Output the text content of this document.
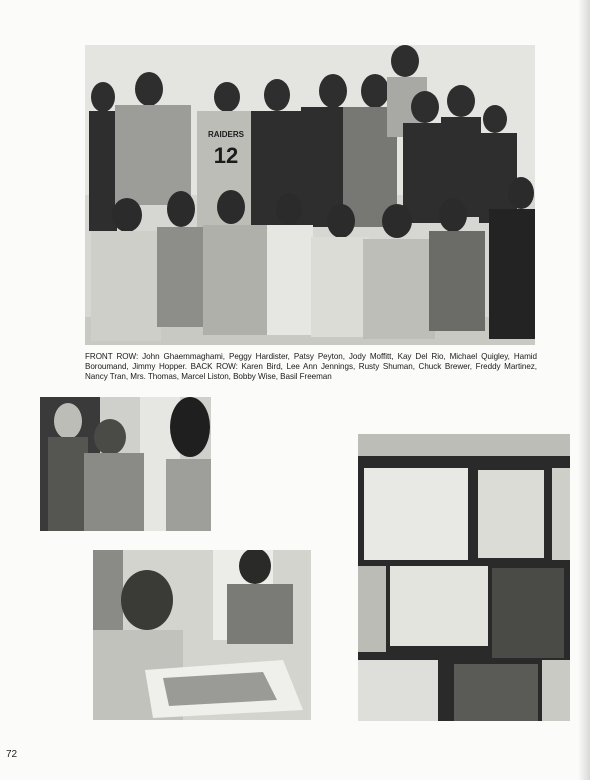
RAIDERS
12
FRONT ROW: John Ghaemmaghami, Peggy Hardister, Patsy Peyton, Jody Moffitt, Kay Del Rio, Michael Quigley, Hamid Boroumand, Jimmy Hopper. BACK ROW: Karen Bird, Lee Ann Jennings, Rusty Shuman, Chuck Brewer, Freddy Martinez, Nancy Tran, Mrs. Thomas, Marcel Liston, Bobby Wise, Basil Freeman
72
